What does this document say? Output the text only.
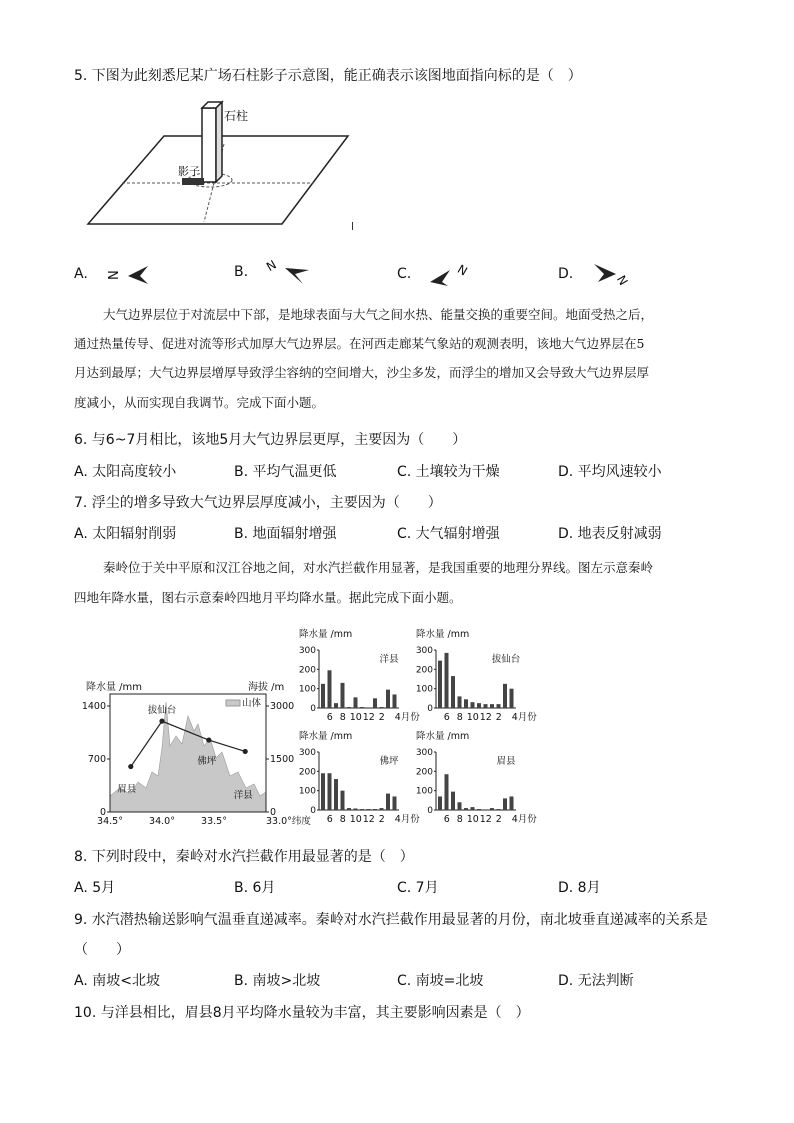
5. 下图为此刻悉尼某广场石柱影子示意图，能正确表示该图地面指向标的是（　）
石柱
影子
A. N	B. N	C.	N	D.	N
大气边界层位于对流层中下部，是地球表面与大气之间水热、能量交换的重要空间。地面受热之后，
通过热量传导、促进对流等形式加厚大气边界层。在河西走廊某气象站的观测表明，该地大气边界层在5
月达到最厚；大气边界层增厚导致浮尘容纳的空间增大，沙尘多发，而浮尘的增加又会导致大气边界层厚
度减小，从而实现自我调节。完成下面小题。
6. 与6~7月相比，该地5月大气边界层更厚，主要因为（　　）
A. 太阳高度较小	B. 平均气温更低	C. 土壤较为干燥	D. 平均风速较小
7. 浮尘的增多导致大气边界层厚度减小，主要因为（　　）
A. 太阳辐射削弱	B. 地面辐射增强	C. 大气辐射增强	D. 地表反射减弱
秦岭位于关中平原和汉江谷地之间，对水汽拦截作用显著，是我国重要的地理分界线。图左示意秦岭
四地年降水量，图右示意秦岭四地月平均降水量。据此完成下面小题。
降水量 /mm	海拔 /m
1400
700
0
3000
1500
0
34.5°	34.0°	33.5°	33.0°纬度
山体
眉县
拔仙台
佛坪
洋县
降水量 /mm
洋县
300
200
100
0
6 8 10 12 2 4月份
降水量 /mm
拔仙台
300
200
100
0
6 8 10 12 2 4月份
降水量 /mm
佛坪
300
200
100
0
6 8 10 12 2 4月份
降水量 /mm
眉县
300
200
100
0
6 8 10 12 2 4月份
8. 下列时段中，秦岭对水汽拦截作用最显著的是（　）
A. 5月	B. 6月	C. 7月	D. 8月
9. 水汽潜热输送影响气温垂直递减率。秦岭对水汽拦截作用最显著的月份，南北坡垂直递减率的关系是
（　　）
A. 南坡<北坡	B. 南坡>北坡	C. 南坡=北坡	D. 无法判断
10. 与洋县相比，眉县8月平均降水量较为丰富，其主要影响因素是（　）
